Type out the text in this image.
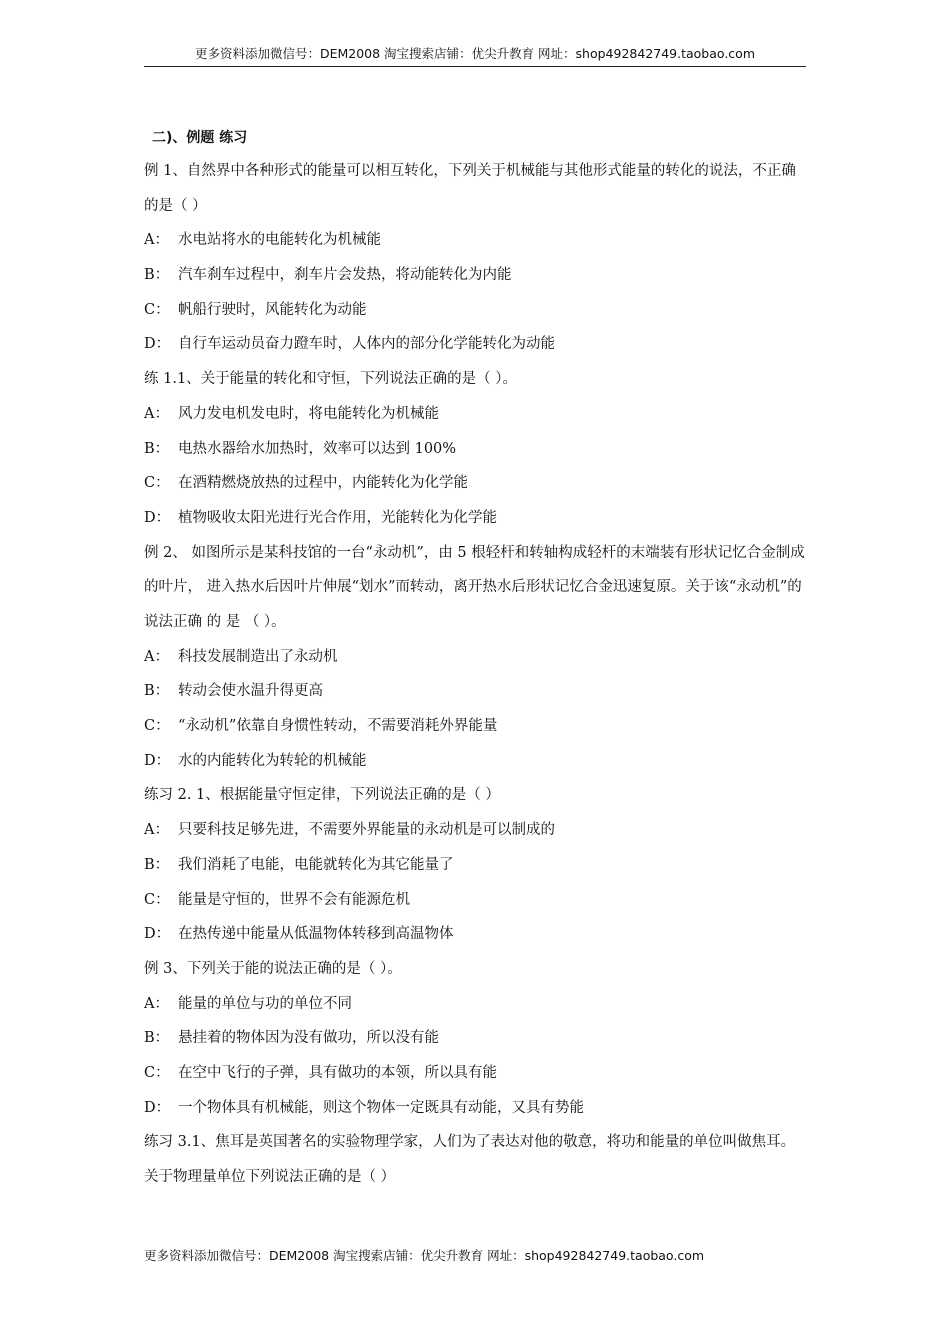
更多资料添加微信号：DEM2008 淘宝搜索店铺：优尖升教育 网址：shop492842749.taobao.com
二)、例题 练习
例 1、自然界中各种形式的能量可以相互转化，下列关于机械能与其他形式能量的转化的说法，不正确的是（ ）
A： 水电站将水的电能转化为机械能
B： 汽车刹车过程中，刹车片会发热，将动能转化为内能
C： 帆船行驶时，风能转化为动能
D： 自行车运动员奋力蹬车时，人体内的部分化学能转化为动能
练 1.1、关于能量的转化和守恒，下列说法正确的是（ ）。
A： 风力发电机发电时，将电能转化为机械能
B： 电热水器给水加热时，效率可以达到 100%
C： 在酒精燃烧放热的过程中，内能转化为化学能
D： 植物吸收太阳光进行光合作用，光能转化为化学能
例 2、 如图所示是某科技馆的一台“永动机”，由 5 根轻杆和转轴构成轻杆的末端装有形状记忆合金制成的叶片， 进入热水后因叶片伸展“划水”而转动，离开热水后形状记忆合金迅速复原。关于该“永动机”的说法正确 的 是 （ ）。
A： 科技发展制造出了永动机
B： 转动会使水温升得更高
C： “永动机”依靠自身惯性转动，不需要消耗外界能量
D： 水的内能转化为转轮的机械能
练习 2. 1、根据能量守恒定律，下列说法正确的是（ ）
A： 只要科技足够先进，不需要外界能量的永动机是可以制成的
B： 我们消耗了电能，电能就转化为其它能量了
C： 能量是守恒的，世界不会有能源危机
D： 在热传递中能量从低温物体转移到高温物体
例 3、下列关于能的说法正确的是（ ）。
A： 能量的单位与功的单位不同
B： 悬挂着的物体因为没有做功，所以没有能
C： 在空中飞行的子弹，具有做功的本领，所以具有能
D： 一个物体具有机械能，则这个物体一定既具有动能，又具有势能
练习 3.1、焦耳是英国著名的实验物理学家，人们为了表达对他的敬意，将功和能量的单位叫做焦耳。关于物理量单位下列说法正确的是（ ）
更多资料添加微信号：DEM2008 淘宝搜索店铺：优尖升教育 网址：shop492842749.taobao.com
